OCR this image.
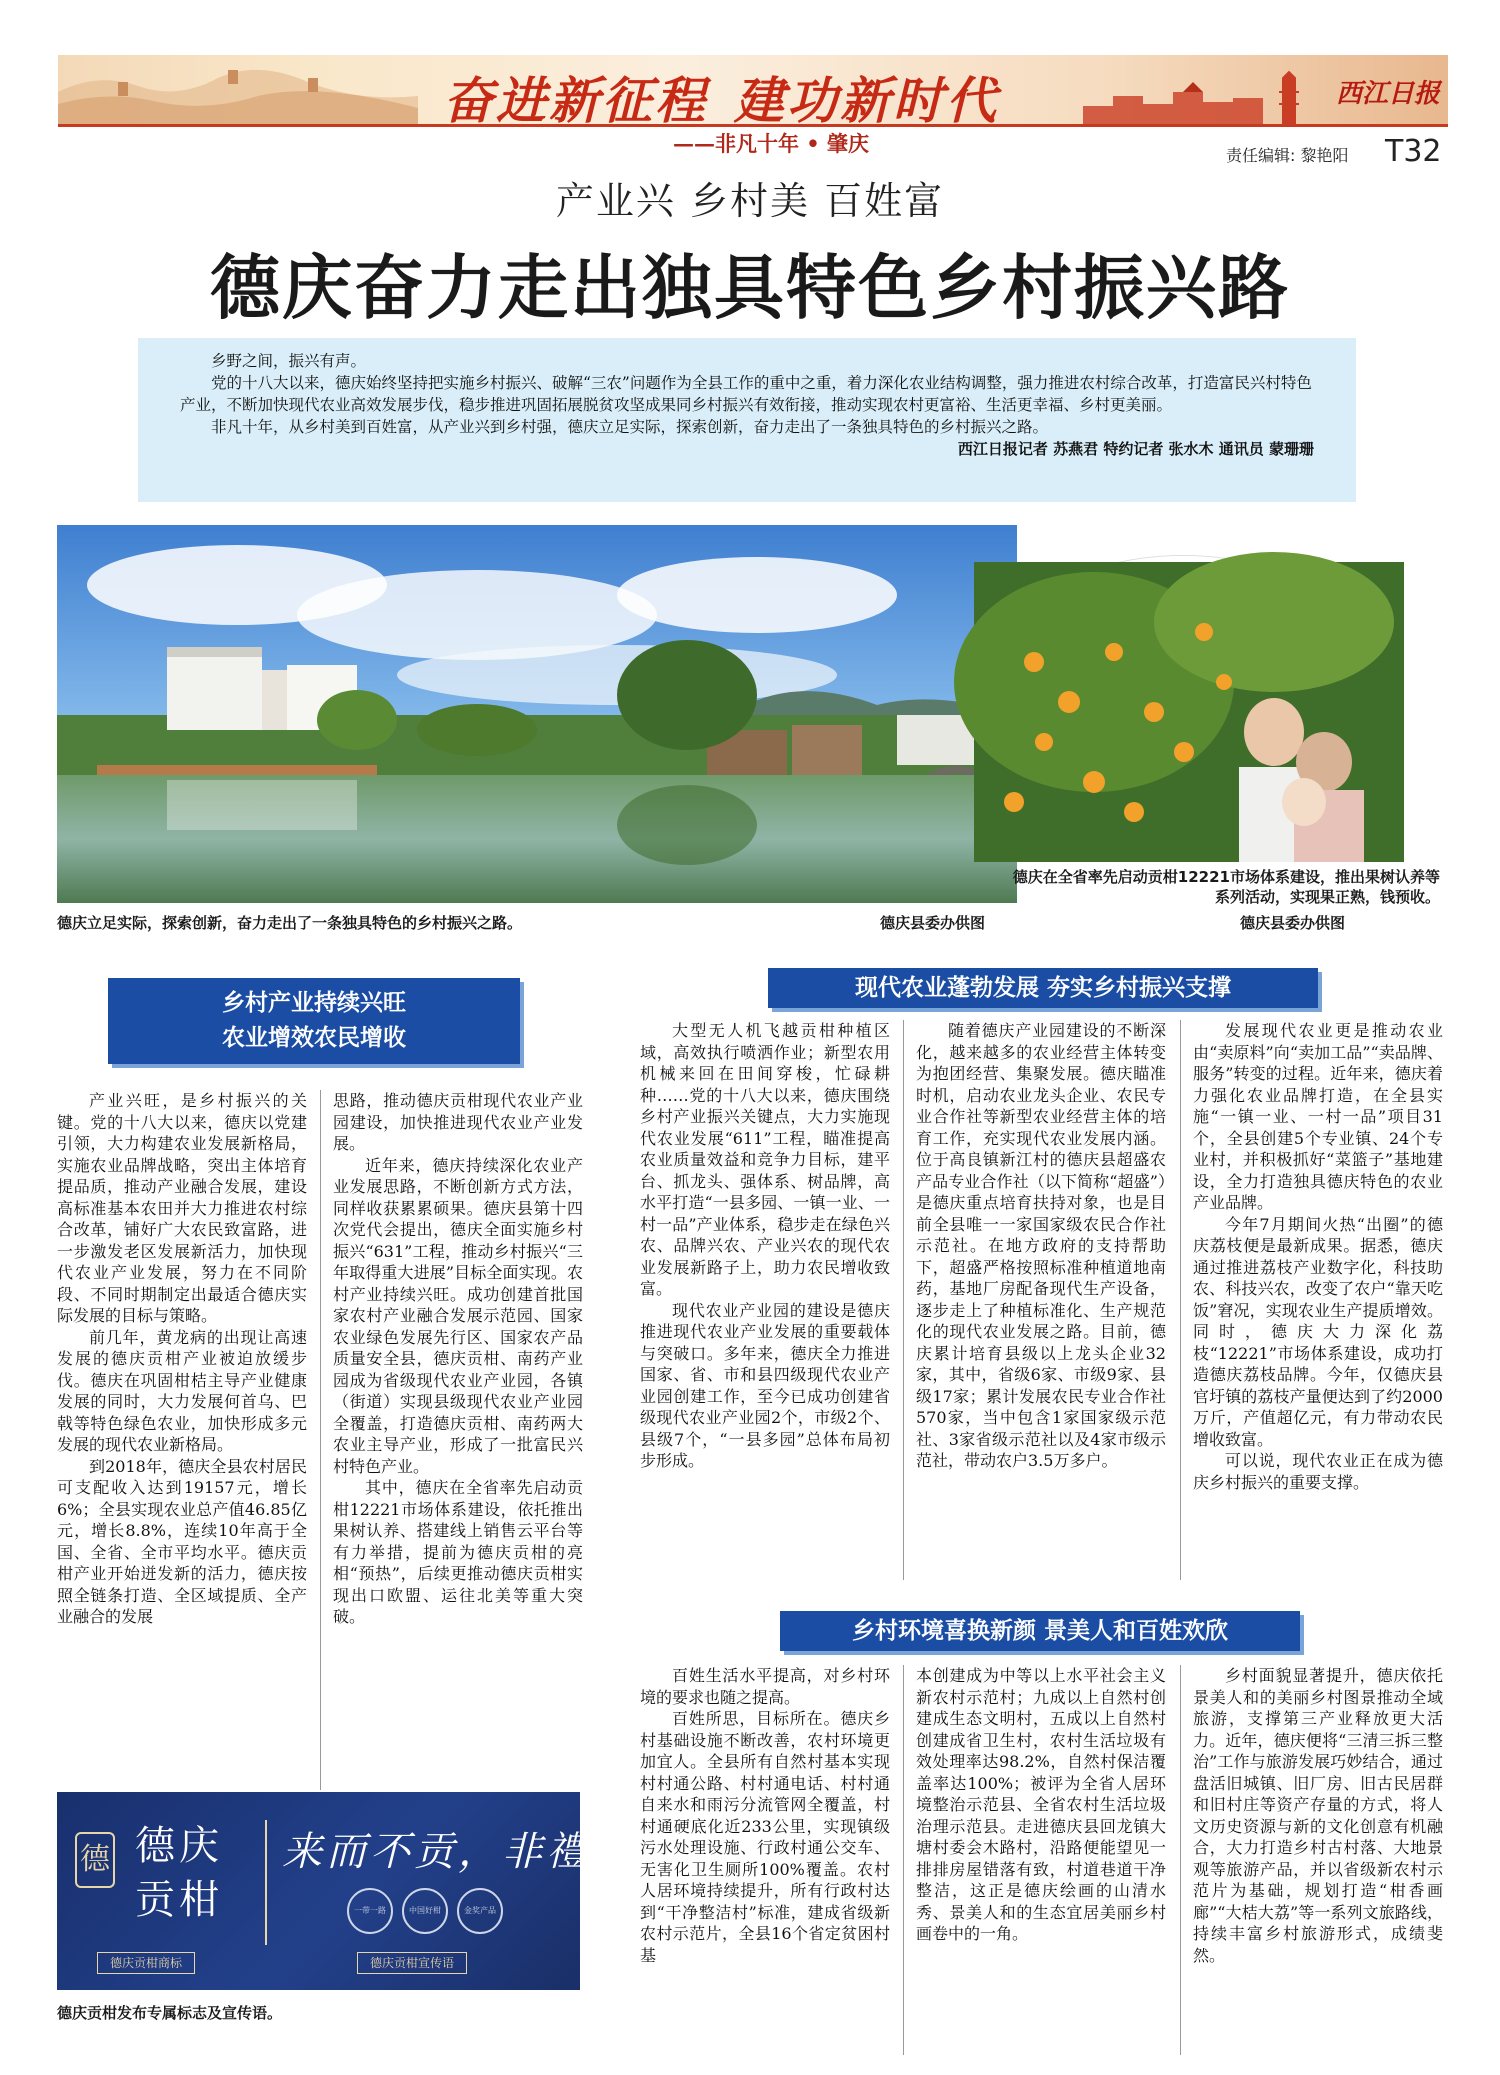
奋进新征程 建功新时代	西江日报
——非凡十年 • 肇庆	责任编辑: 黎艳阳 T32
产业兴 乡村美 百姓富
德庆奋力走出独具特色乡村振兴路

乡野之间，振兴有声。

党的十八大以来，德庆始终坚持把实施乡村振兴、破解“三农”问题作为全县工作的重中之重，着力深化农业结构调整，强力推进农村综合改革，打造富民兴村特色产业，不断加快现代农业高效发展步伐，稳步推进巩固拓展脱贫攻坚成果同乡村振兴有效衔接，推动实现农村更富裕、生活更幸福、乡村更美丽。

非凡十年，从乡村美到百姓富，从产业兴到乡村强，德庆立足实际，探索创新，奋力走出了一条独具特色的乡村振兴之路。

西江日报记者 苏燕君 特约记者 张水木 通讯员 蒙珊珊
德庆立足实际，探索创新，奋力走出了一条独具特色的乡村振兴之路。	德庆县委办供图
德庆在全省率先启动贡柑12221市场体系建设，推出果树认养等系列活动，实现果正熟，钱预收。
德庆县委办供图
乡村产业持续兴旺
农业增效农民增收
现代农业蓬勃发展 夯实乡村振兴支撑
乡村环境喜换新颜 景美人和百姓欢欣

产业兴旺，是乡村振兴的关键。党的十八大以来，德庆以党建引领，大力构建农业发展新格局，实施农业品牌战略，突出主体培育提品质，推动产业融合发展，建设高标准基本农田并大力推进农村综合改革，铺好广大农民致富路，进一步激发老区发展新活力，加快现代农业产业发展，努力在不同阶段、不同时期制定出最适合德庆实际发展的目标与策略。

前几年，黄龙病的出现让高速发展的德庆贡柑产业被迫放缓步伐。德庆在巩固柑桔主导产业健康发展的同时，大力发展何首乌、巴戟等特色绿色农业，加快形成多元发展的现代农业新格局。

到2018年，德庆全县农村居民可支配收入达到19157元，增长6%；全县实现农业总产值46.85亿元，增长8.8%，连续10年高于全国、全省、全市平均水平。德庆贡柑产业开始迸发新的活力，德庆按照全链条打造、全区域提质、全产业融合的发展

思路，推动德庆贡柑现代农业产业园建设，加快推进现代农业产业发展。

近年来，德庆持续深化农业产业发展思路，不断创新方式方法，同样收获累累硕果。德庆县第十四次党代会提出，德庆全面实施乡村振兴“631”工程，推动乡村振兴“三年取得重大进展”目标全面实现。农村产业持续兴旺。成功创建首批国家农村产业融合发展示范园、国家农业绿色发展先行区、国家农产品质量安全县，德庆贡柑、南药产业园成为省级现代农业产业园，各镇（街道）实现县级现代农业产业园全覆盖，打造德庆贡柑、南药两大农业主导产业，形成了一批富民兴村特色产业。

其中，德庆在全省率先启动贡柑12221市场体系建设，依托推出果树认养、搭建线上销售云平台等有力举措，提前为德庆贡柑的亮相“预热”，后续更推动德庆贡柑实现出口欧盟、运往北美等重大突破。

大型无人机飞越贡柑种植区域，高效执行喷洒作业；新型农用机械来回在田间穿梭，忙碌耕种……党的十八大以来，德庆围绕乡村产业振兴关键点，大力实施现代农业发展“611”工程，瞄准提高农业质量效益和竞争力目标，建平台、抓龙头、强体系、树品牌，高水平打造“一县多园、一镇一业、一村一品”产业体系，稳步走在绿色兴农、品牌兴农、产业兴农的现代农业发展新路子上，助力农民增收致富。

现代农业产业园的建设是德庆推进现代农业产业发展的重要载体与突破口。多年来，德庆全力推进国家、省、市和县四级现代农业产业园创建工作，至今已成功创建省级现代农业产业园2个，市级2个、县级7个，“一县多园”总体布局初步形成。

随着德庆产业园建设的不断深化，越来越多的农业经营主体转变为抱团经营、集聚发展。德庆瞄准时机，启动农业龙头企业、农民专业合作社等新型农业经营主体的培育工作，充实现代农业发展内涵。位于高良镇新江村的德庆县超盛农产品专业合作社（以下简称“超盛”）是德庆重点培育扶持对象，也是目前全县唯一一家国家级农民合作社示范社。在地方政府的支持帮助下，超盛严格按照标准种植道地南药，基地厂房配备现代生产设备，逐步走上了种植标准化、生产规范化的现代农业发展之路。目前，德庆累计培育县级以上龙头企业32家，其中，省级6家、市级9家、县级17家；累计发展农民专业合作社570家，当中包含1家国家级示范社、3家省级示范社以及4家市级示范社，带动农户3.5万多户。

发展现代农业更是推动农业由“卖原料”向“卖加工品”“卖品牌、服务”转变的过程。近年来，德庆着力强化农业品牌打造，在全县实施“一镇一业、一村一品”项目31个，全县创建5个专业镇、24个专业村，并积极抓好“菜篮子”基地建设，全力打造独具德庆特色的农业产业品牌。

今年7月期间火热“出圈”的德庆荔枝便是最新成果。据悉，德庆通过推进荔枝产业数字化，科技助农、科技兴农，改变了农户“靠天吃饭”窘况，实现农业生产提质增效。同时，德庆大力深化荔枝“12221”市场体系建设，成功打造德庆荔枝品牌。今年，仅德庆县官圩镇的荔枝产量便达到了约2000万斤，产值超亿元，有力带动农民增收致富。

可以说，现代农业正在成为德庆乡村振兴的重要支撑。

百姓生活水平提高，对乡村环境的要求也随之提高。

百姓所思，目标所在。德庆乡村基础设施不断改善，农村环境更加宜人。全县所有自然村基本实现村村通公路、村村通电话、村村通自来水和雨污分流管网全覆盖，村村通硬底化近233公里，实现镇级污水处理设施、行政村通公交车、无害化卫生厕所100%覆盖。农村人居环境持续提升，所有行政村达到“干净整洁村”标准，建成省级新农村示范片，全县16个省定贫困村基

本创建成为中等以上水平社会主义新农村示范村；九成以上自然村创建成生态文明村，五成以上自然村创建成省卫生村，农村生活垃圾有效处理率达98.2%，自然村保洁覆盖率达100%；被评为全省人居环境整治示范县、全省农村生活垃圾治理示范县。走进德庆县回龙镇大塘村委会木路村，沿路便能望见一排排房屋错落有致，村道巷道干净整洁，这正是德庆绘画的山清水秀、景美人和的生态宜居美丽乡村画卷中的一角。

乡村面貌显著提升，德庆依托景美人和的美丽乡村图景推动全域旅游，支撑第三产业释放更大活力。近年，德庆便将“三清三拆三整治”工作与旅游发展巧妙结合，通过盘活旧城镇、旧厂房、旧古民居群和旧村庄等资产存量的方式，将人文历史资源与新的文化创意有机融合，大力打造乡村古村落、大地景观等旅游产品，并以省级新农村示范片为基础，规划打造“柑香画廊”“大桔大荔”等一系列文旅路线，持续丰富乡村旅游形式，成绩斐然。

德 德庆
贡柑
来而不贡，非禮也
一带一路	中国好柑	金奖产品
德庆贡柑商标	德庆贡柑宣传语
德庆贡柑发布专属标志及宣传语。
